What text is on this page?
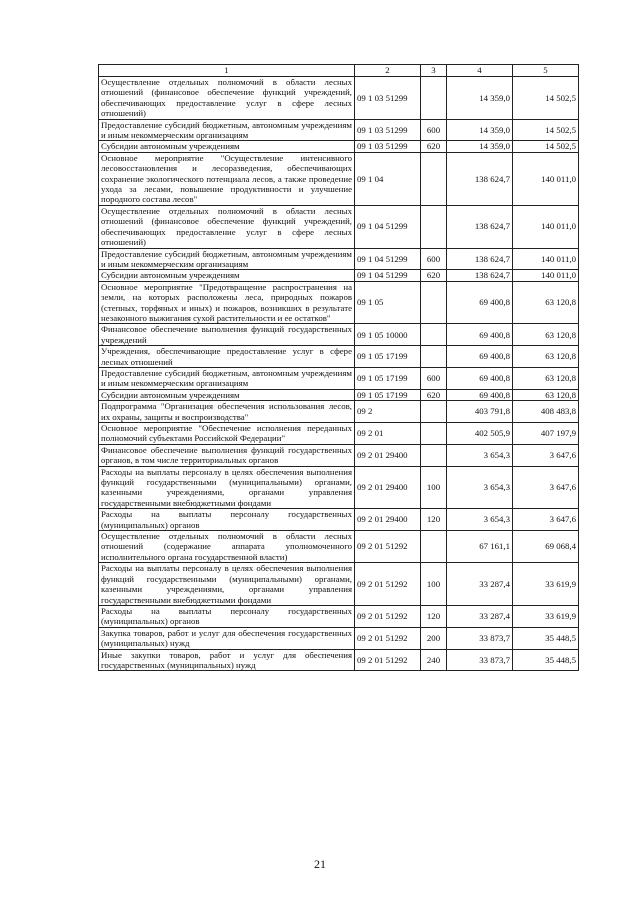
1	2	3	4	5
Осуществление отдельных полномочий в области лесных отношений (финансовое обеспечение функций учреждений, обеспечивающих предоставление услуг в сфере лесных отношений)	09 1 03 51299		14 359,0	14 502,5
Предоставление субсидий бюджетным, автономным учреждениям и иным некоммерческим организациям	09 1 03 51299	600	14 359,0	14 502,5
Субсидии автономным учреждениям	09 1 03 51299	620	14 359,0	14 502,5
Основное мероприятие "Осуществление интенсивного лесовосстановления и лесоразведения, обеспечивающих сохранение экологического потенциала лесов, а также проведение ухода за лесами, повышение продуктивности и улучшение породного состава лесов"	09 1 04		138 624,7	140 011,0
Осуществление отдельных полномочий в области лесных отношений (финансовое обеспечение функций учреждений, обеспечивающих предоставление услуг в сфере лесных отношений)	09 1 04 51299		138 624,7	140 011,0
Предоставление субсидий бюджетным, автономным учреждениям и иным некоммерческим организациям	09 1 04 51299	600	138 624,7	140 011,0
Субсидии автономным учреждениям	09 1 04 51299	620	138 624,7	140 011,0
Основное мероприятие "Предотвращение распространения на земли, на которых расположены леса, природных пожаров (степных, торфяных и иных) и пожаров, возникших в результате незаконного выжигания сухой растительности и ее остатков"	09 1 05		69 400,8	63 120,8
Финансовое обеспечение выполнения функций государственных учреждений	09 1 05 10000		69 400,8	63 120,8
Учреждения, обеспечивающие предоставление услуг в сфере лесных отношений	09 1 05 17199		69 400,8	63 120,8
Предоставление субсидий бюджетным, автономным учреждениям и иным некоммерческим организациям	09 1 05 17199	600	69 400,8	63 120,8
Субсидии автономным учреждениям	09 1 05 17199	620	69 400,8	63 120,8
Подпрограмма "Организация обеспечения использования лесов, их охраны, защиты и воспроизводства"	09 2		403 791,8	408 483,8
Основное мероприятие "Обеспечение исполнения переданных полномочий субъектами Российской Федерации"	09 2 01		402 505,9	407 197,9
Финансовое обеспечение выполнения функций государственных органов, в том числе территориальных органов	09 2 01 29400		3 654,3	3 647,6
Расходы на выплаты персоналу в целях обеспечения выполнения функций государственными (муниципальными) органами, казенными учреждениями, органами управления государственными внебюджетными фондами	09 2 01 29400	100	3 654,3	3 647,6
Расходы на выплаты персоналу государственных (муниципальных) органов	09 2 01 29400	120	3 654,3	3 647,6
Осуществление отдельных полномочий в области лесных отношений (содержание аппарата уполномоченного исполнительного органа государственной власти)	09 2 01 51292		67 161,1	69 068,4
Расходы на выплаты персоналу в целях обеспечения выполнения функций государственными (муниципальными) органами, казенными учреждениями, органами управления государственными внебюджетными фондами	09 2 01 51292	100	33 287,4	33 619,9
Расходы на выплаты персоналу государственных (муниципальных) органов	09 2 01 51292	120	33 287,4	33 619,9
Закупка товаров, работ и услуг для обеспечения государственных (муниципальных) нужд	09 2 01 51292	200	33 873,7	35 448,5
Иные закупки товаров, работ и услуг для обеспечения государственных (муниципальных) нужд	09 2 01 51292	240	33 873,7	35 448,5
21
